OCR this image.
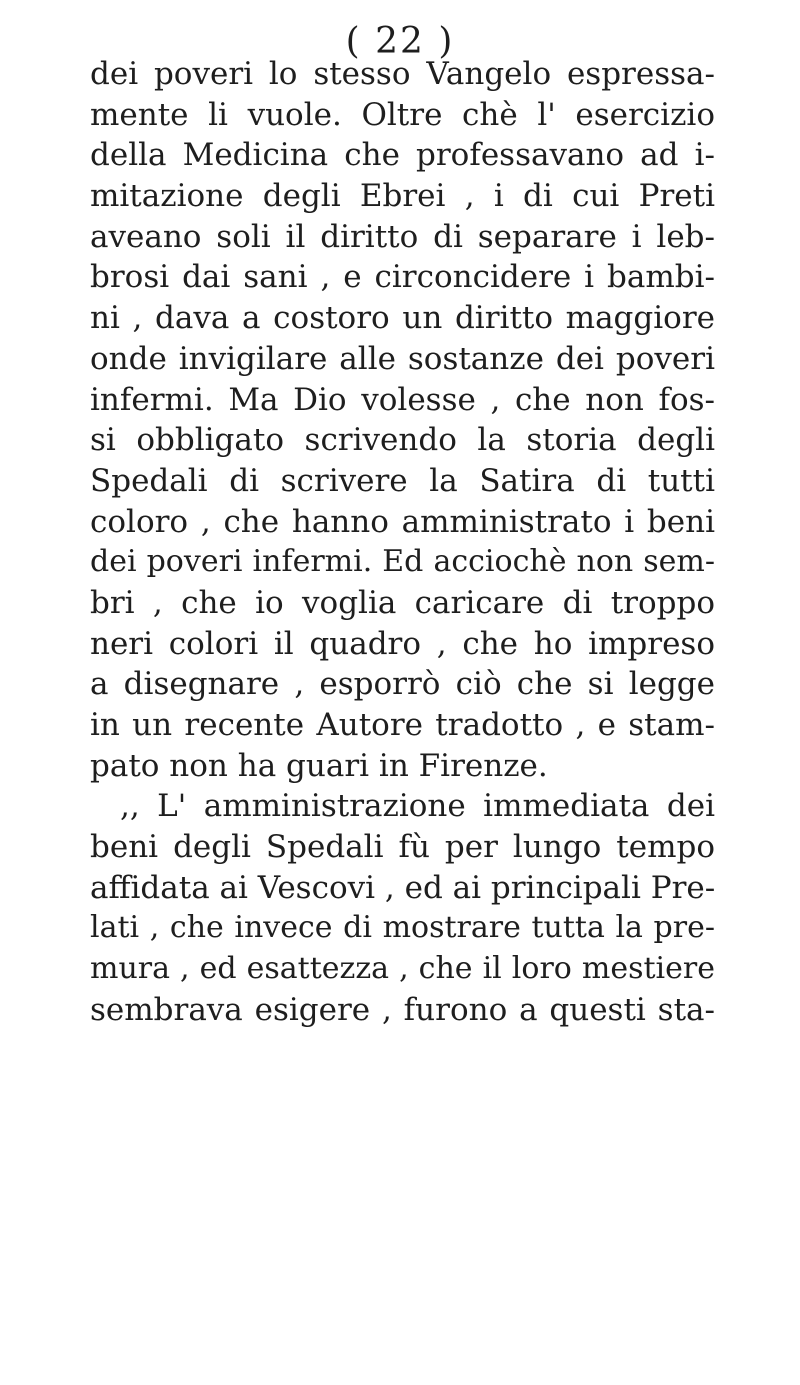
( 22 )
dei poveri lo stesso Vangelo espressa-
mente li vuole. Oltre chè l' esercizio
della Medicina che professavano ad i-
mitazione degli Ebrei , i di cui Preti
aveano soli il diritto di separare i leb-
brosi dai sani , e circoncidere i bambi-
ni , dava a costoro un diritto maggiore
onde invigilare alle sostanze dei poveri
infermi. Ma Dio volesse , che non fos-
si obbligato scrivendo la storia degli
Spedali di scrivere la Satira di tutti
coloro , che hanno amministrato i beni
dei poveri infermi. Ed acciochè non sem-
bri , che io voglia caricare di troppo
neri colori il quadro , che ho impreso
a disegnare , esporrò ciò che si legge
in un recente Autore tradotto , e stam-
pato non ha guari in Firenze.
,, L' amministrazione immediata dei
beni degli Spedali fù per lungo tempo
affidata ai Vescovi , ed ai principali Pre-
lati , che invece di mostrare tutta la pre-
mura , ed esattezza , che il loro mestiere
sembrava esigere , furono a questi sta-
